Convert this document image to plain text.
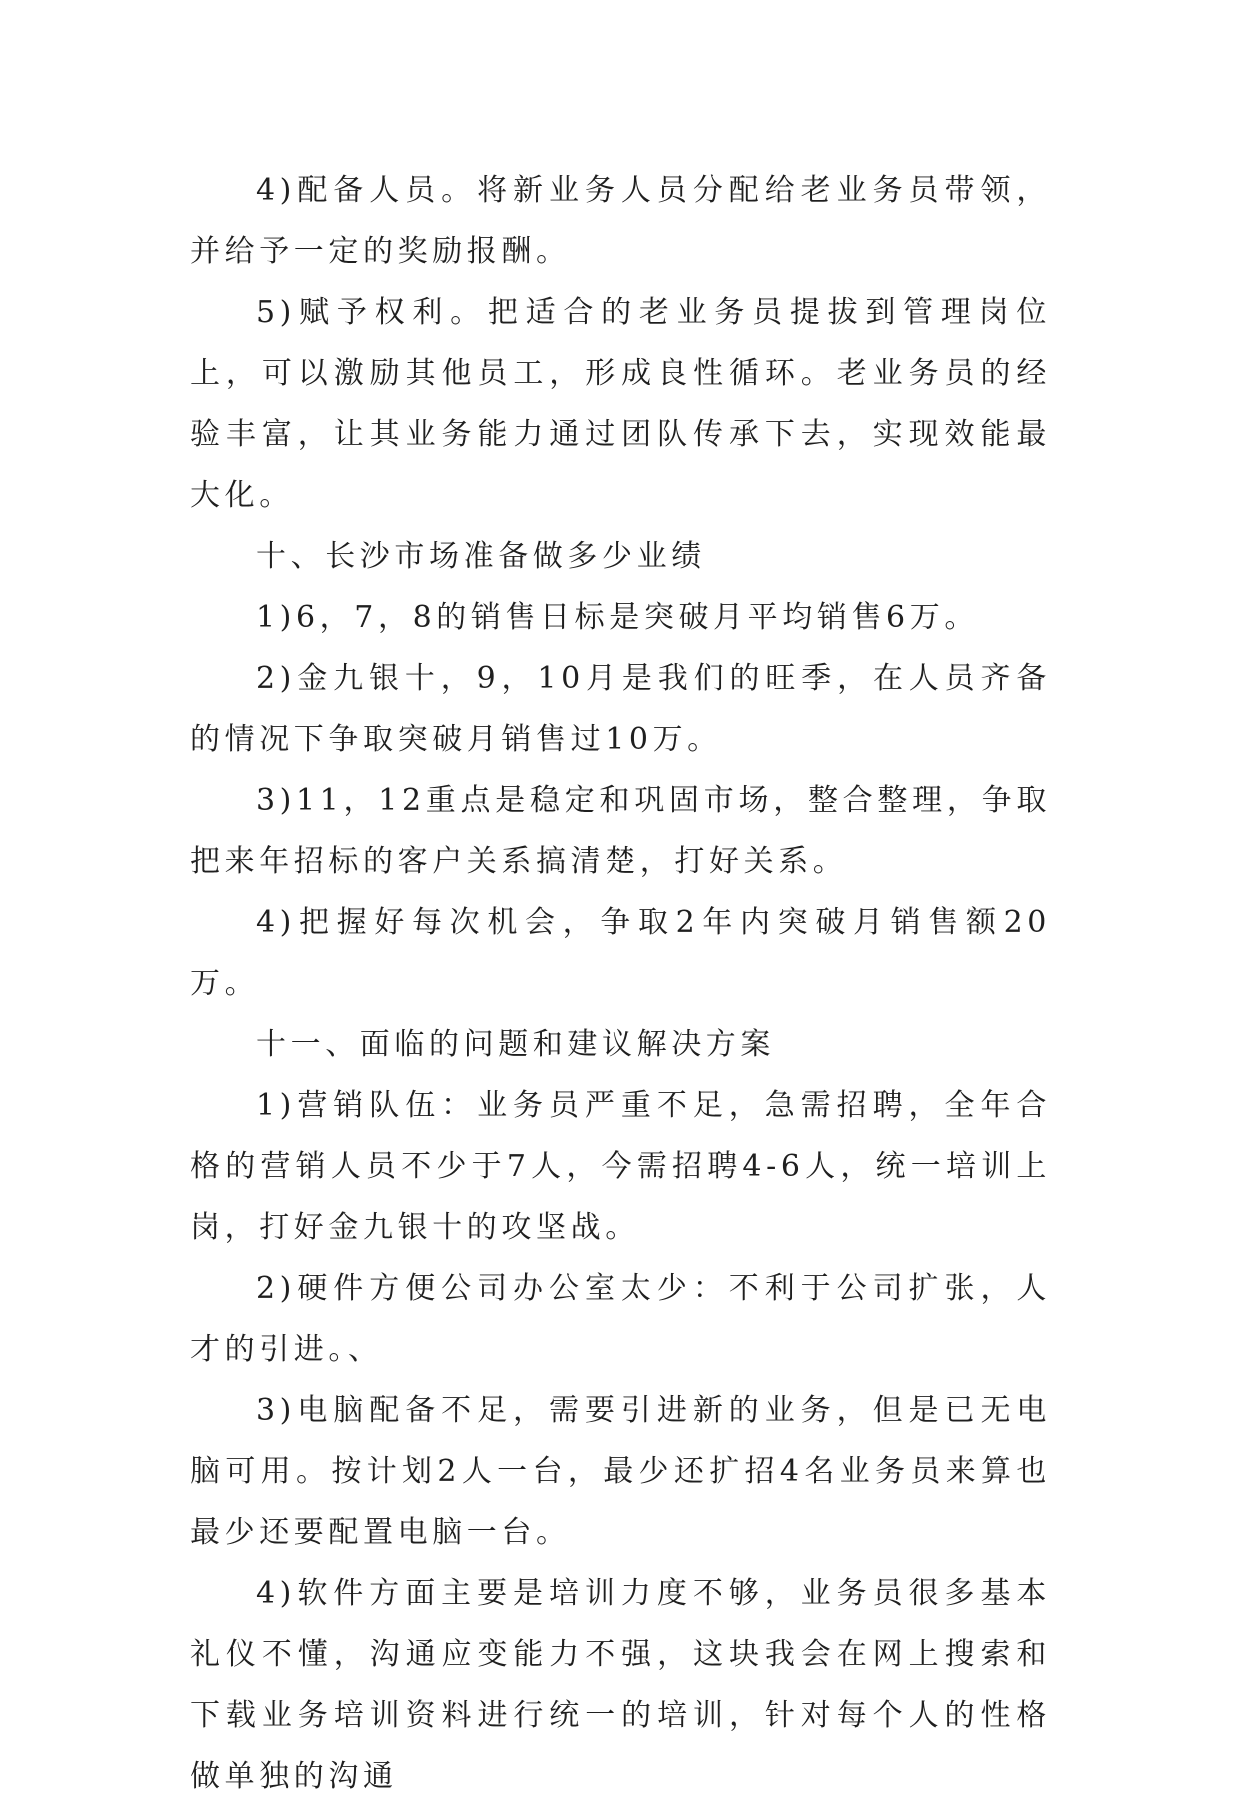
4)配备人员。将新业务人员分配给老业务员带领，并给予一定的奖励报酬。

5)赋予权利。把适合的老业务员提拔到管理岗位上，可以激励其他员工，形成良性循环。老业务员的经验丰富，让其业务能力通过团队传承下去，实现效能最大化。

十、长沙市场准备做多少业绩

1)6，7，8的销售日标是突破月平均销售6万。

2)金九银十，9，10月是我们的旺季，在人员齐备的情况下争取突破月销售过10万。

3)11，12重点是稳定和巩固市场，整合整理，争取把来年招标的客户关系搞清楚，打好关系。

4)把握好每次机会，争取2年内突破月销售额20万。

十一、面临的问题和建议解决方案

1)营销队伍：业务员严重不足，急需招聘，全年合格的营销人员不少于7人，今需招聘4-6人，统一培训上岗，打好金九银十的攻坚战。

2)硬件方便公司办公室太少：不利于公司扩张，人才的引进。、

3)电脑配备不足，需要引进新的业务，但是已无电脑可用。按计划2人一台，最少还扩招4名业务员来算也最少还要配置电脑一台。

4)软件方面主要是培训力度不够，业务员很多基本礼仪不懂，沟通应变能力不强，这块我会在网上搜索和下载业务培训资料进行统一的培训，针对每个人的性格做单独的沟通
